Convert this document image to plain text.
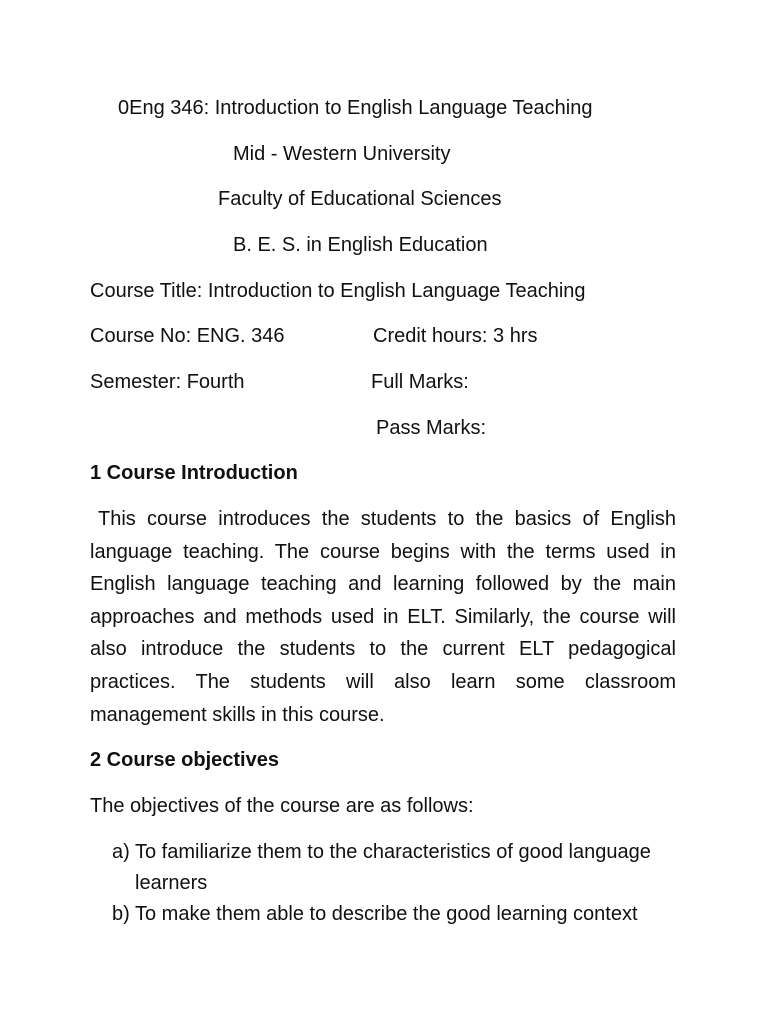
0Eng 346: Introduction to English Language Teaching
Mid - Western University
Faculty of Educational Sciences
B. E. S. in English Education
Course Title: Introduction to English Language Teaching
Course No: ENG. 346	Credit hours: 3 hrs
Semester: Fourth	Full Marks:
Pass Marks:
1 Course Introduction
This course introduces the students to the basics of English language teaching. The course begins with the terms used in English language teaching and learning followed by the main approaches and methods used in ELT. Similarly, the course will also introduce the students to the current ELT pedagogical practices. The students will also learn some classroom management skills in this course.
2 Course objectives
The objectives of the course are as follows:
a) To familiarize them to the characteristics of good language learners
b) To make them able to describe the good learning context
